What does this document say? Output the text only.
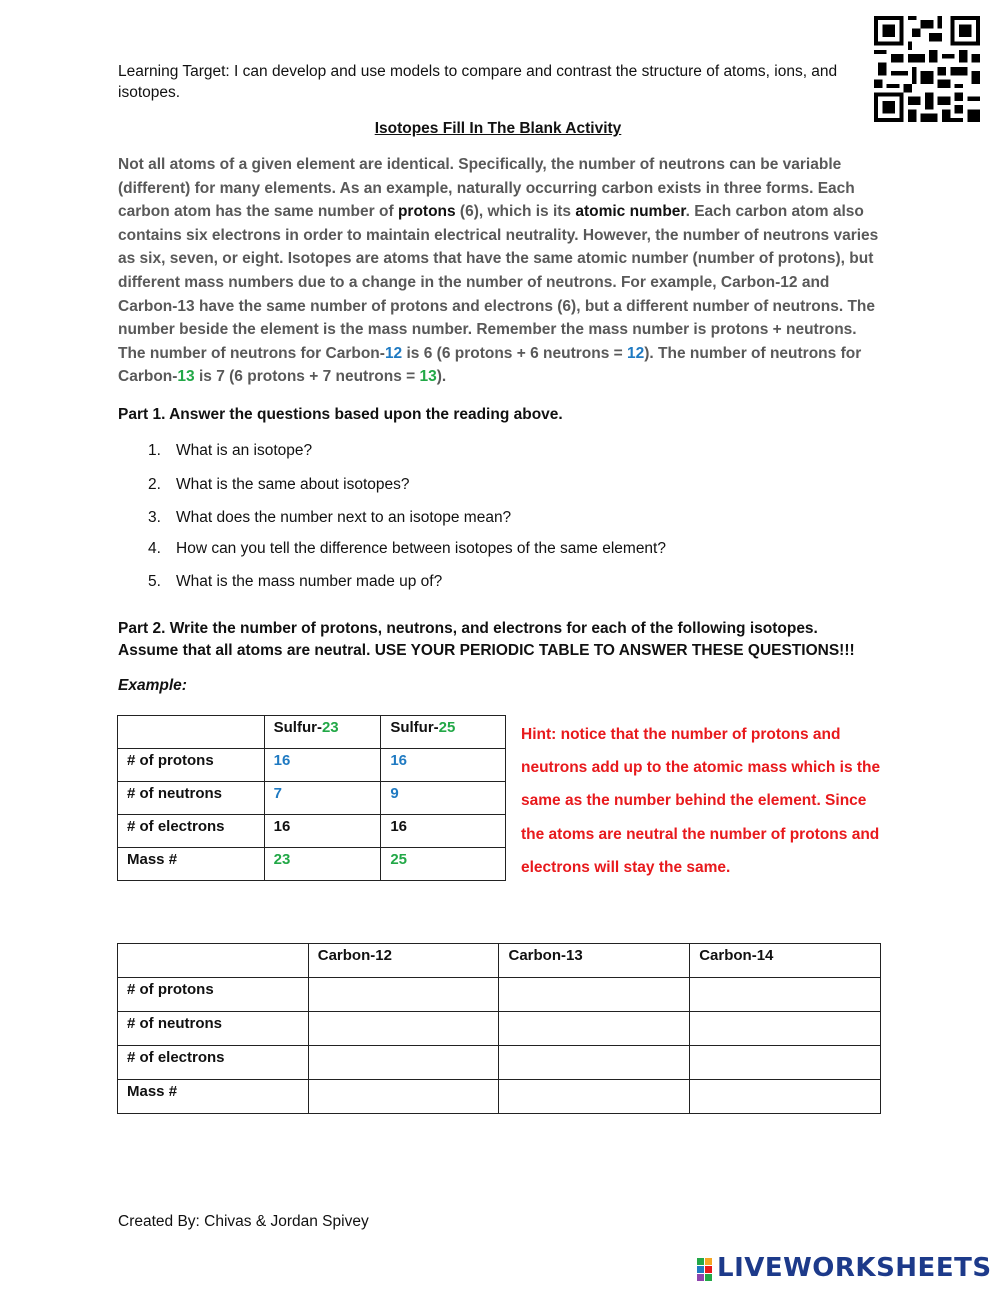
Learning Target: I can develop and use models to compare and contrast the structure of atoms, ions, and isotopes.
Isotopes Fill In The Blank Activity
Not all atoms of a given element are identical. Specifically, the number of neutrons can be variable (different) for many elements. As an example, naturally occurring carbon exists in three forms. Each carbon atom has the same number of protons (6), which is its atomic number. Each carbon atom also contains six electrons in order to maintain electrical neutrality. However, the number of neutrons varies as six, seven, or eight. Isotopes are atoms that have the same atomic number (number of protons), but different mass numbers due to a change in the number of neutrons. For example, Carbon-12 and Carbon-13 have the same number of protons and electrons (6), but a different number of neutrons. The number beside the element is the mass number. Remember the mass number is protons + neutrons. The number of neutrons for Carbon-12 is 6 (6 protons + 6 neutrons = 12). The number of neutrons for Carbon-13 is 7 (6 protons + 7 neutrons = 13).
Part 1. Answer the questions based upon the reading above.
1. What is an isotope?
2. What is the same about isotopes?
3. What does the number next to an isotope mean?
4. How can you tell the difference between isotopes of the same element?
5. What is the mass number made up of?
Part 2. Write the number of protons, neutrons, and electrons for each of the following isotopes. Assume that all atoms are neutral. USE YOUR PERIODIC TABLE TO ANSWER THESE QUESTIONS!!!
Example:
	Sulfur-23	Sulfur-25
# of protons	16	16
# of neutrons	7	9
# of electrons	16	16
Mass #	23	25
Hint: notice that the number of protons and neutrons add up to the atomic mass which is the same as the number behind the element. Since the atoms are neutral the number of protons and electrons will stay the same.
	Carbon-12	Carbon-13	Carbon-14
# of protons			
# of neutrons			
# of electrons			
Mass #			
Created By: Chivas & Jordan Spivey
LIVEWORKSHEETS
